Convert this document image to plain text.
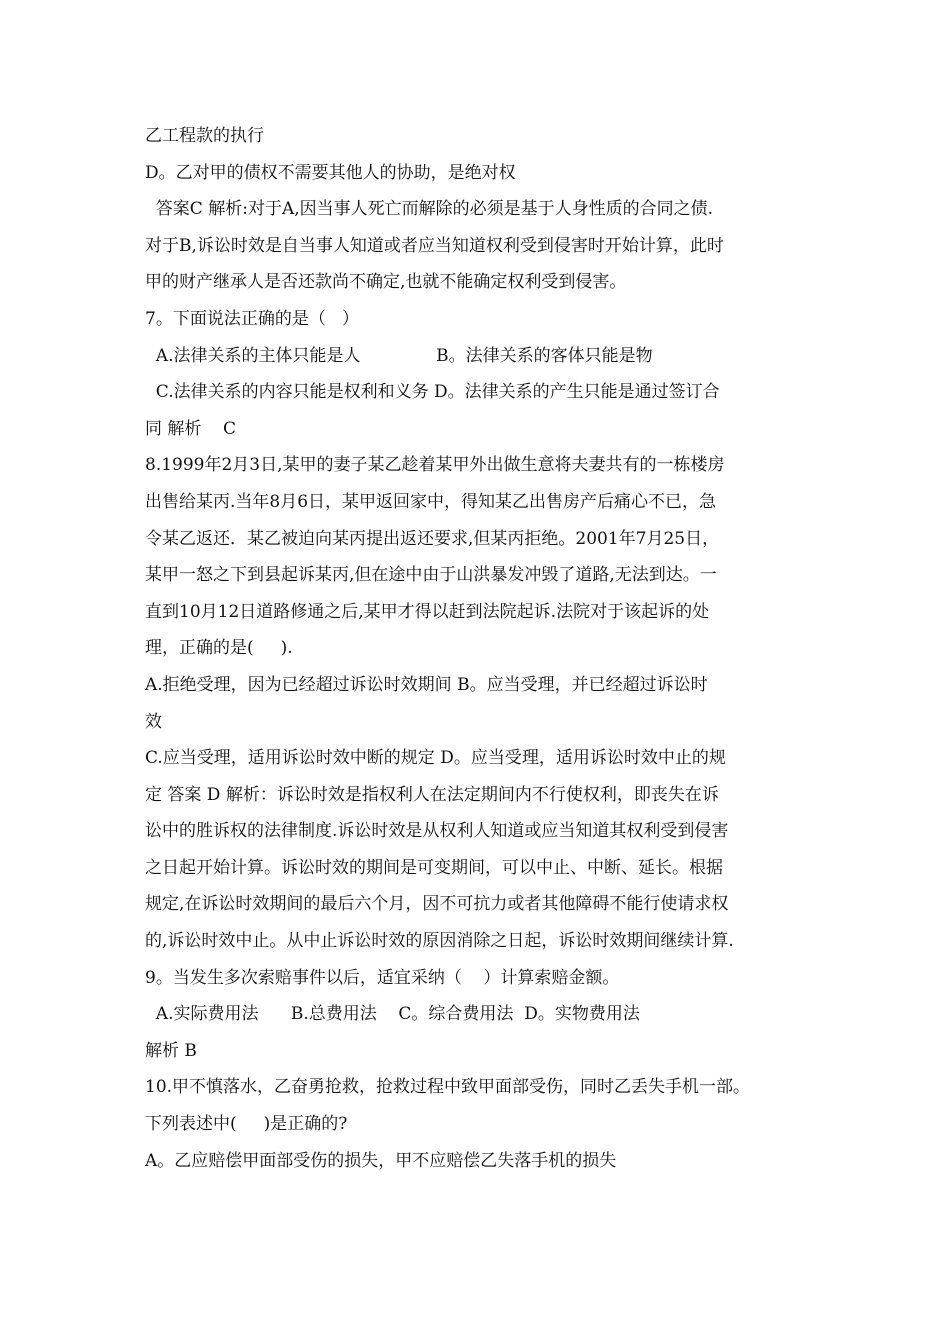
乙工程款的执行
D。乙对甲的债权不需要其他人的协助，是绝对权
答案C 解析:对于A,因当事人死亡而解除的必须是基于人身性质的合同之债.
对于B,诉讼时效是自当事人知道或者应当知道权利受到侵害时开始计算，此时
甲的财产继承人是否还款尚不确定,也就不能确定权利受到侵害。
7。下面说法正确的是（   ）
A.法律关系的主体只能是人              B。法律关系的客体只能是物
C.法律关系的内容只能是权利和义务 D。法律关系的产生只能是通过签订合
同 解析    C
8.1999年2月3日,某甲的妻子某乙趁着某甲外出做生意将夫妻共有的一栋楼房
出售给某丙.当年8月6日，某甲返回家中，得知某乙出售房产后痛心不已，急
令某乙返还．某乙被迫向某丙提出返还要求,但某丙拒绝。2001年7月25日，
某甲一怒之下到县起诉某丙,但在途中由于山洪暴发冲毁了道路,无法到达。一
直到10月12日道路修通之后,某甲才得以赶到法院起诉.法院对于该起诉的处
理，正确的是(     ).
A.拒绝受理，因为已经超过诉讼时效期间 B。应当受理，并已经超过诉讼时
效
C.应当受理，适用诉讼时效中断的规定 D。应当受理，适用诉讼时效中止的规
定 答案 D 解析：诉讼时效是指权利人在法定期间内不行使权利，即丧失在诉
讼中的胜诉权的法律制度.诉讼时效是从权利人知道或应当知道其权利受到侵害
之日起开始计算。诉讼时效的期间是可变期间，可以中止、中断、延长。根据
规定,在诉讼时效期间的最后六个月，因不可抗力或者其他障碍不能行使请求权
的,诉讼时效中止。从中止诉讼时效的原因消除之日起，诉讼时效期间继续计算.
9。当发生多次索赔事件以后，适宜采纳（    ）计算索赔金额。
A.实际费用法      B.总费用法    C。综合费用法  D。实物费用法
解析 B
10.甲不慎落水，乙奋勇抢救，抢救过程中致甲面部受伤，同时乙丢失手机一部。
下列表述中(     )是正确的?
A。乙应赔偿甲面部受伤的损失，甲不应赔偿乙失落手机的损失
